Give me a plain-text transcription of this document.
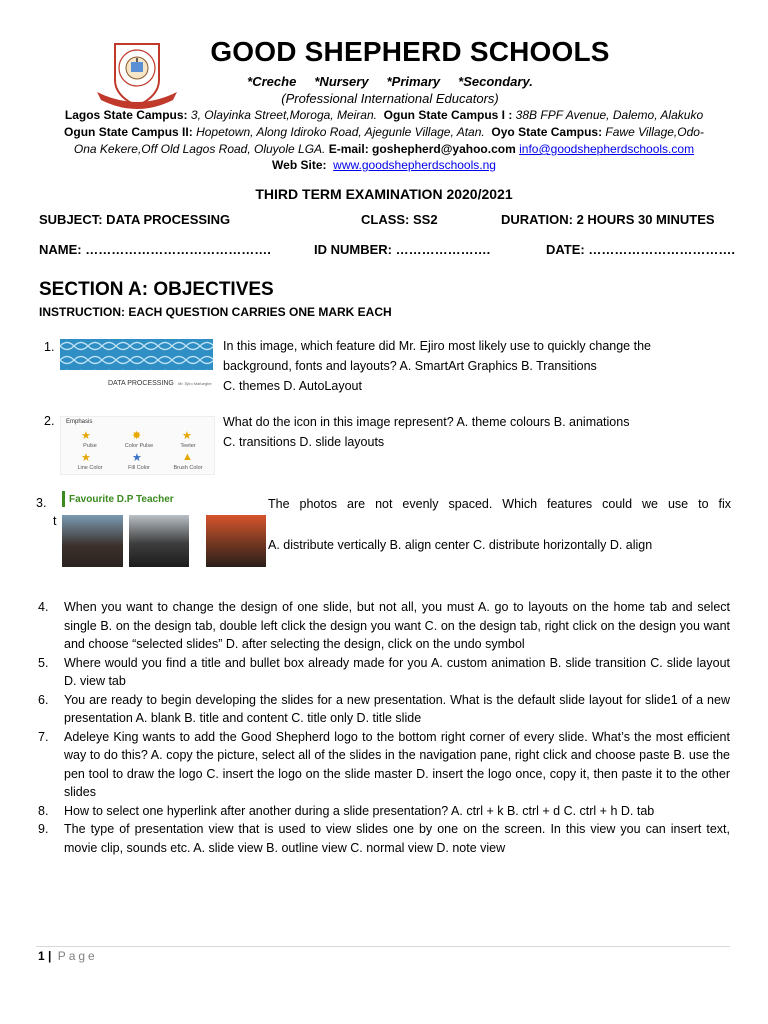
GOOD SHEPHERD SCHOOLS
*Creche     *Nursery     *Primary     *Secondary.
(Professional International Educators)
Lagos State Campus: 3, Olayinka Street,Moroga, Meiran. Ogun State Campus I : 38B FPF Avenue, Dalemo, Alakuko
Ogun State Campus II: Hopetown, Along Idiroko Road, Ajegunle Village, Atan. Oyo State Campus: Fawe Village,Odo-
Ona Kekere,Off Old Lagos Road, Oluyole LGA. E-mail: goshepherd@yahoo.com info@goodshepherdschools.com
Web Site:  www.goodshepherdschools.ng
THIRD TERM EXAMINATION 2020/2021
SUBJECT: DATA PROCESSING	CLASS: SS2	DURATION: 2 HOURS 30 MINUTES
NAME: …………………………………….	ID NUMBER: ………………….	DATE: …………………………….
SECTION A: OBJECTIVES
INSTRUCTION: EACH QUESTION CARRIES ONE MARK EACH
1.
DATA PROCESSING Mr. Ejiro Mafuegbe
In this image, which feature did Mr. Ejiro most likely use to quickly change the
background, fonts and layouts? A. SmartArt Graphics B. Transitions
C. themes D. AutoLayout
2. Emphasis
★	✸	★
Pulse	Color Pulse	Teeter
★	★	▲
Line Color	Fill Color	Brush Color
What do the icon in this image represent? A. theme colours B. animations
C. transitions D. slide layouts
3.
t
Favourite D.P Teacher	The photos are not evenly spaced. Which features could we use to fix
A. distribute vertically B. align center C. distribute horizontally D. align
4.	When you want to change the design of one slide, but not all, you must A. go to layouts on the home tab and select single B. on the design tab, double left click the design you want C. on the design tab, right click on the design you want and choose “selected slides” D. after selecting the design, click on the undo symbol
5.	Where would you find a title and bullet box already made for you A. custom animation B. slide transition C. slide layout D. view tab
6.	You are ready to begin developing the slides for a new presentation. What is the default slide layout for slide1 of a new presentation A. blank B. title and content C. title only D. title slide
7.	Adeleye King wants to add the Good Shepherd logo to the bottom right corner of every slide. What’s the most efficient way to do this? A. copy the picture, select all of the slides in the navigation pane, right click and choose paste B. use the pen tool to draw the logo C. insert the logo on the slide master D. insert the logo once, copy it, then paste it to the other slides
8.	How to select one hyperlink after another during a slide presentation? A. ctrl + k B. ctrl + d C. ctrl + h D. tab
9.	The type of presentation view that is used to view slides one by one on the screen. In this view you can insert text, movie clip, sounds etc. A. slide view B. outline view C. normal view D. note view
1 | Page
